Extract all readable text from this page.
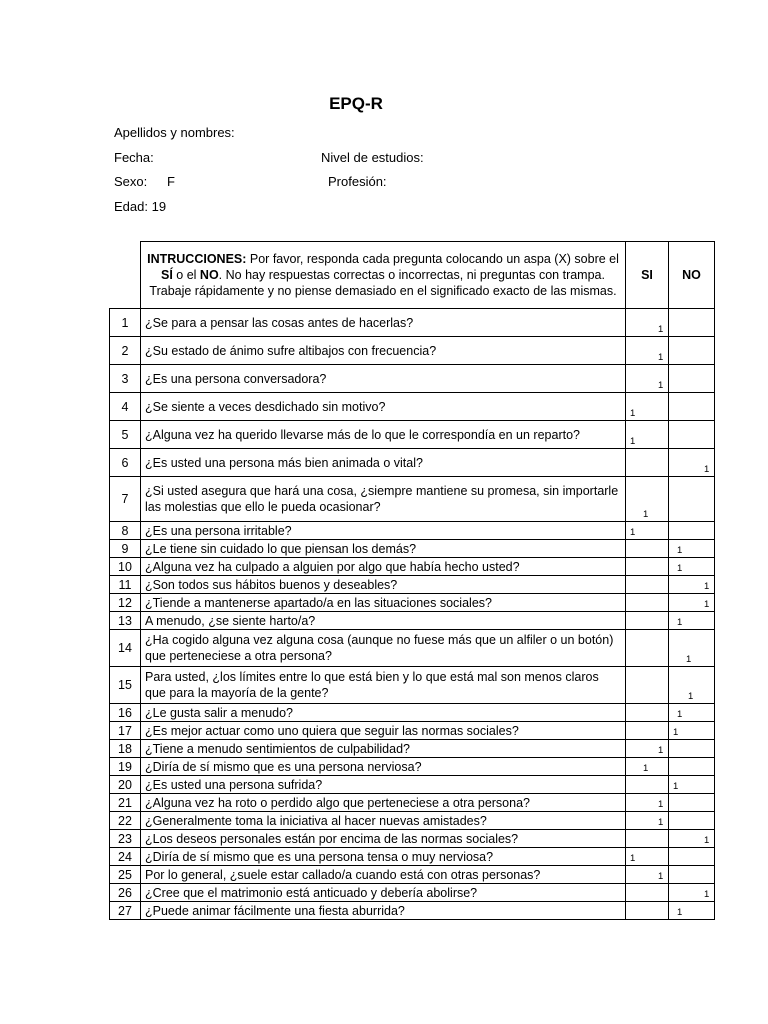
EPQ-R
Apellidos y nombres:
Fecha:	Nivel de estudios:
Sexo: F	Profesión:
Edad: 19
	INTRUCCIONES: Por favor, responda cada pregunta colocando un aspa (X) sobre el SÍ o el NO. No hay respuestas correctas o incorrectas, ni preguntas con trampa. Trabaje rápidamente y no piense demasiado en el significado exacto de las mismas.	SI	NO
1	¿Se para a pensar las cosas antes de hacerlas?	1	

2	¿Su estado de ánimo sufre altibajos con frecuencia?	1	

3	¿Es una persona conversadora?	1	

4	¿Se siente a veces desdichado sin motivo?	1	

5	¿Alguna vez ha querido llevarse más de lo que le correspondía en un reparto?	1	

6	¿Es usted una persona más bien animada o vital?		1

7	¿Si usted asegura que hará una cosa, ¿siempre mantiene su promesa, sin importarle las molestias que ello le pueda ocasionar?	1	

8	¿Es una persona irritable?	1	

9	¿Le tiene sin cuidado lo que piensan los demás?		1

10	¿Alguna vez ha culpado a alguien por algo que había hecho usted?		1

11	¿Son todos sus hábitos buenos y deseables?		1

12	¿Tiende a mantenerse apartado/a en las situaciones sociales?		1

13	A menudo, ¿se siente harto/a?		1

14	¿Ha cogido alguna vez alguna cosa (aunque no fuese más que un alfiler o un botón) que perteneciese a otra persona?		1

15	Para usted, ¿los límites entre lo que está bien y lo que está mal son menos claros que para la mayoría de la gente?		1

16	¿Le gusta salir a menudo?		1

17	¿Es mejor actuar como uno quiera que seguir las normas sociales?		1

18	¿Tiene a menudo sentimientos de culpabilidad?	1	

19	¿Diría de sí mismo que es una persona nerviosa?	1	

20	¿Es usted una persona sufrida?		1

21	¿Alguna vez ha roto o perdido algo que perteneciese a otra persona?	1	

22	¿Generalmente toma la iniciativa al hacer nuevas amistades?	1	

23	¿Los deseos personales están por encima de las normas sociales?		1

24	¿Diría de sí mismo que es una persona tensa o muy nerviosa?	1	

25	Por lo general, ¿suele estar callado/a cuando está con otras personas?	1	

26	¿Cree que el matrimonio está anticuado y debería abolirse?		1

27	¿Puede animar fácilmente una fiesta aburrida?		1
